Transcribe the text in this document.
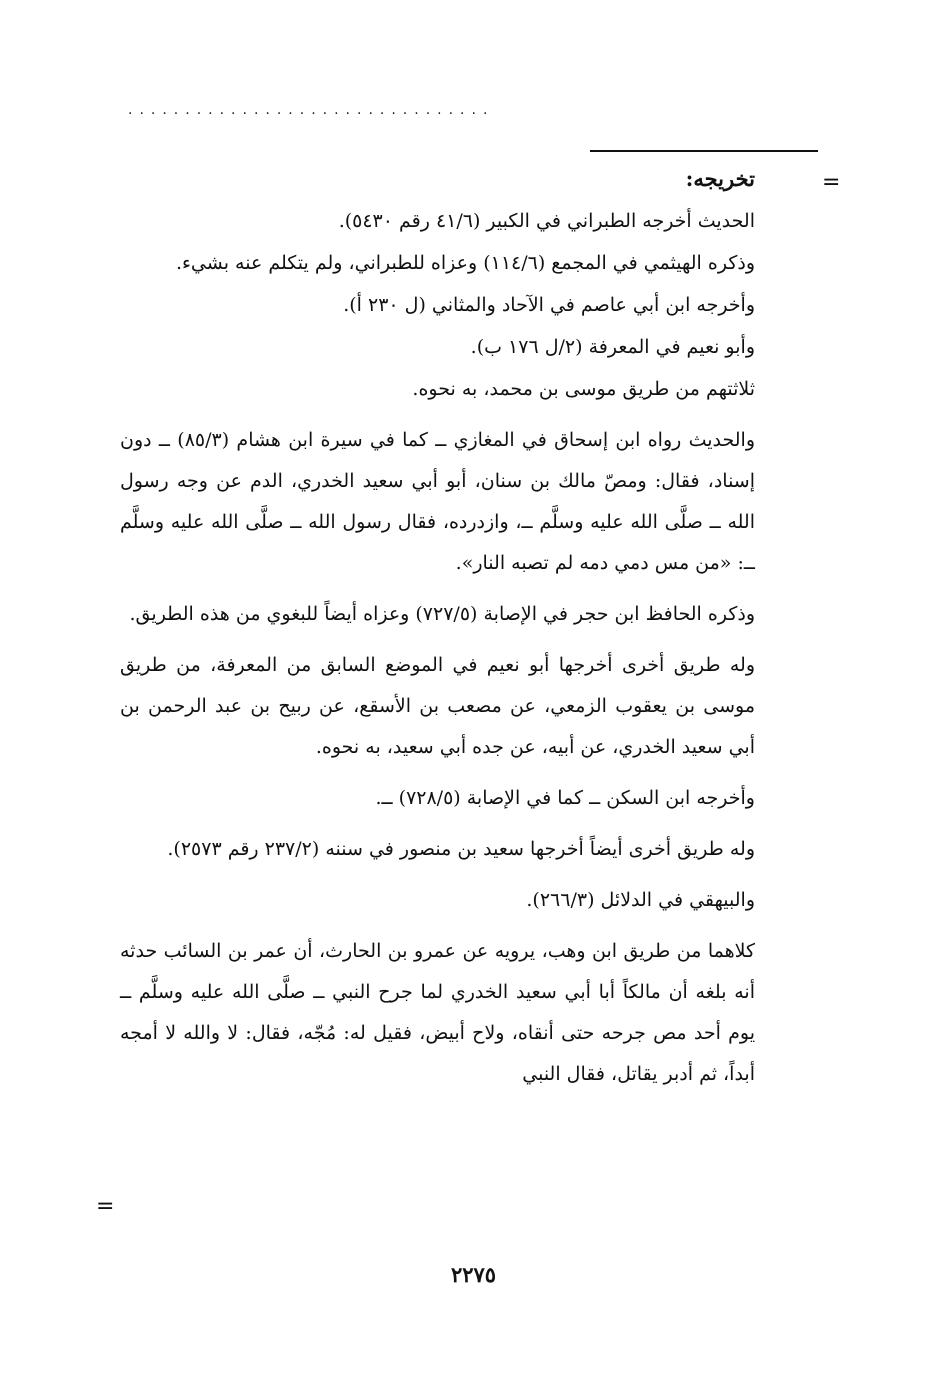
................................
=

تخريجه:

الحديث أخرجه الطبراني في الكبير (٤١/٦ رقم ٥٤٣٠).

وذكره الهيثمي في المجمع (١١٤/٦) وعزاه للطبراني، ولم يتكلم عنه بشيء.

وأخرجه ابن أبي عاصم في الآحاد والمثاني (ل ٢٣٠ أ).

وأبو نعيم في المعرفة (٢/ل ١٧٦ ب).

ثلاثتهم من طريق موسى بن محمد، به نحوه.

والحديث رواه ابن إسحاق في المغازي ــ كما في سيرة ابن هشام (٨٥/٣) ــ دون إسناد، فقال: ومصّ مالك بن سنان، أبو أبي سعيد الخدري، الدم عن وجه رسول الله ــ صلَّى الله عليه وسلَّم ــ، وازدرده، فقال رسول الله ــ صلَّى الله عليه وسلَّم ــ: «من مس دمي دمه لم تصبه النار».

وذكره الحافظ ابن حجر في الإصابة (٧٢٧/٥) وعزاه أيضاً للبغوي من هذه الطريق.

وله طريق أخرى أخرجها أبو نعيم في الموضع السابق من المعرفة، من طريق موسى بن يعقوب الزمعي، عن مصعب بن الأسقع، عن ربيح بن عبد الرحمن بن أبي سعيد الخدري، عن أبيه، عن جده أبي سعيد، به نحوه.

وأخرجه ابن السكن ــ كما في الإصابة (٧٢٨/٥) ــ.

وله طريق أخرى أيضاً أخرجها سعيد بن منصور في سننه (٢٣٧/٢ رقم ٢٥٧٣).

والبيهقي في الدلائل (٢٦٦/٣).

كلاهما من طريق ابن وهب، يرويه عن عمرو بن الحارث، أن عمر بن السائب حدثه أنه بلغه أن مالكاً أبا أبي سعيد الخدري لما جرح النبي ــ صلَّى الله عليه وسلَّم ــ يوم أحد مص جرحه حتى أنقاه، ولاح أبيض، فقيل له: مُجّه، فقال: لا والله لا أمجه أبداً، ثم أدبر يقاتل، فقال النبي

=
٢٢٧٥
